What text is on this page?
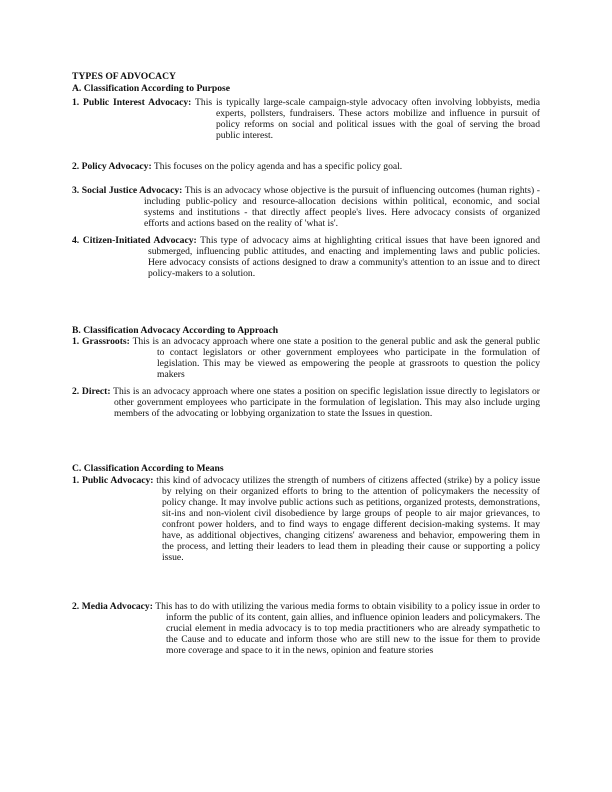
TYPES OF ADVOCACY
A. Classification According to Purpose
1. Public Interest Advocacy: This is typically large-scale campaign-style advocacy often involving lobbyists, media experts, pollsters, fundraisers. These actors mobilize and influence in pursuit of policy reforms on social and political issues with the goal of serving the broad public interest.
2. Policy Advocacy: This focuses on the policy agenda and has a specific policy goal.
3. Social Justice Advocacy: This is an advocacy whose objective is the pursuit of influencing outcomes (human rights) - including public-policy and resource-allocation decisions within political, economic, and social systems and institutions - that directly affect people's lives. Here advocacy consists of organized efforts and actions based on the reality of 'what is'.
4. Citizen-Initiated Advocacy: This type of advocacy aims at highlighting critical issues that have been ignored and submerged, influencing public attitudes, and enacting and implementing laws and public policies. Here advocacy consists of actions designed to draw a community's attention to an issue and to direct policy-makers to a solution.
B. Classification Advocacy According to Approach
1. Grassroots: This is an advocacy approach where one state a position to the general public and ask the general public to contact legislators or other government employees who participate in the formulation of legislation. This may be viewed as empowering the people at grassroots to question the policy makers
2. Direct: This is an advocacy approach where one states a position on specific legislation issue directly to legislators or other government employees who participate in the formulation of legislation. This may also include urging members of the advocating or lobbying organization to state the Issues in question.
C. Classification According to Means
1. Public Advocacy: this kind of advocacy utilizes the strength of numbers of citizens affected (strike) by a policy issue by relying on their organized efforts to bring to the attention of policymakers the necessity of policy change. It may involve public actions such as petitions, organized protests, demonstrations, sit-ins and non-violent civil disobedience by large groups of people to air major grievances, to confront power holders, and to find ways to engage different decision-making systems. It may have, as additional objectives, changing citizens' awareness and behavior, empowering them in the process, and letting their leaders to lead them in pleading their cause or supporting a policy issue.
2. Media Advocacy: This has to do with utilizing the various media forms to obtain visibility to a policy issue in order to inform the public of its content, gain allies, and influence opinion leaders and policymakers. The crucial element in media advocacy is to top media practitioners who are already sympathetic to the Cause and to educate and inform those who are still new to the issue for them to provide more coverage and space to it in the news, opinion and feature stories
